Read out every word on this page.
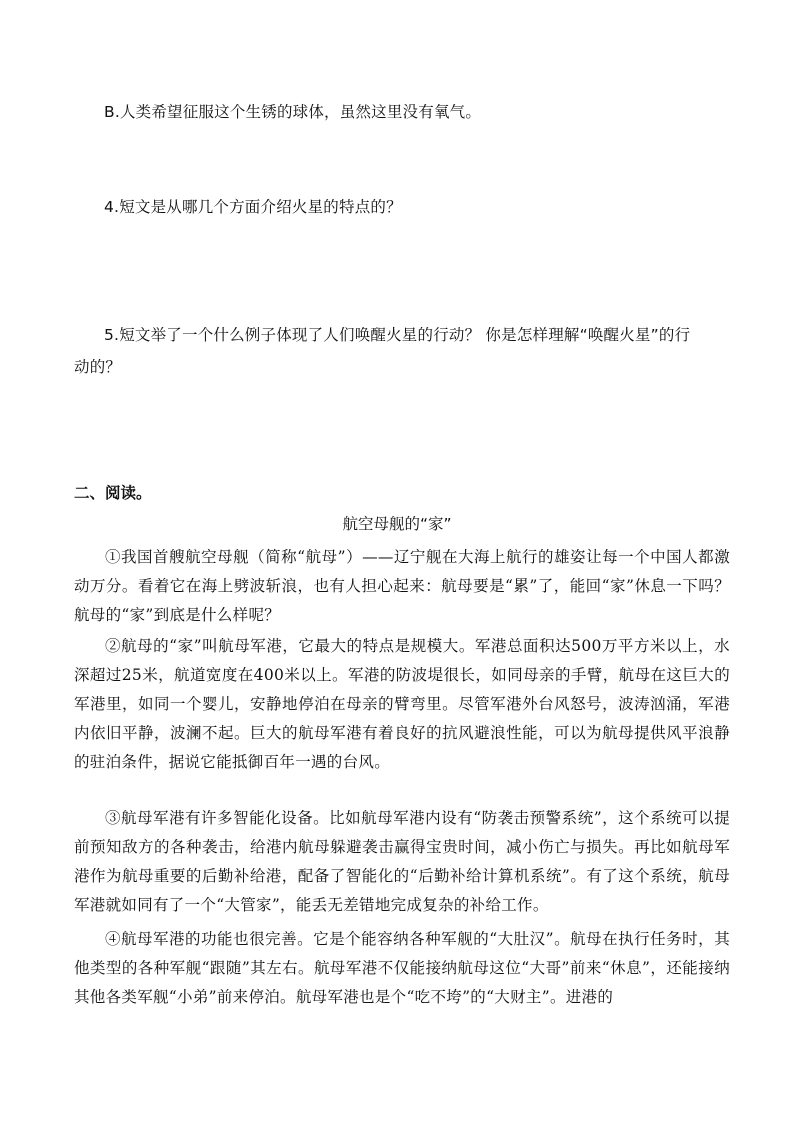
B.人类希望征服这个生锈的球体，虽然这里没有氧气。
4.短文是从哪几个方面介绍火星的特点的？
5.短文举了一个什么例子体现了人们唤醒火星的行动？ 你是怎样理解“唤醒火星”的行
动的？
二、阅读。
航空母舰的“家”

①我国首艘航空母舰（简称“航母”）——辽宁舰在大海上航行的雄姿让每一个中国人都激动万分。看着它在海上劈波斩浪，也有人担心起来：航母要是“累”了，能回“家”休息一下吗？航母的“家”到底是什么样呢？

②航母的“家”叫航母军港，它最大的特点是规模大。军港总面积达500万平方米以上，水深超过25米，航道宽度在400米以上。军港的防波堤很长，如同母亲的手臂，航母在这巨大的军港里，如同一个婴儿，安静地停泊在母亲的臂弯里。尽管军港外台风怒号，波涛汹涌，军港内依旧平静，波澜不起。巨大的航母军港有着良好的抗风避浪性能，可以为航母提供风平浪静的驻泊条件，据说它能抵御百年一遇的台风。

③航母军港有许多智能化设备。比如航母军港内设有“防袭击预警系统”，这个系统可以提前预知敌方的各种袭击，给港内航母躲避袭击赢得宝贵时间，减小伤亡与损失。再比如航母军港作为航母重要的后勤补给港，配备了智能化的“后勤补给计算机系统”。有了这个系统，航母军港就如同有了一个“大管家”，能丢无差错地完成复杂的补给工作。

④航母军港的功能也很完善。它是个能容纳各种军舰的“大肚汉”。航母在执行任务时，其他类型的各种军舰“跟随”其左右。航母军港不仅能接纳航母这位“大哥”前来“休息”，还能接纳其他各类军舰“小弟”前来停泊。航母军港也是个“吃不垮”的“大财主”。进港的
